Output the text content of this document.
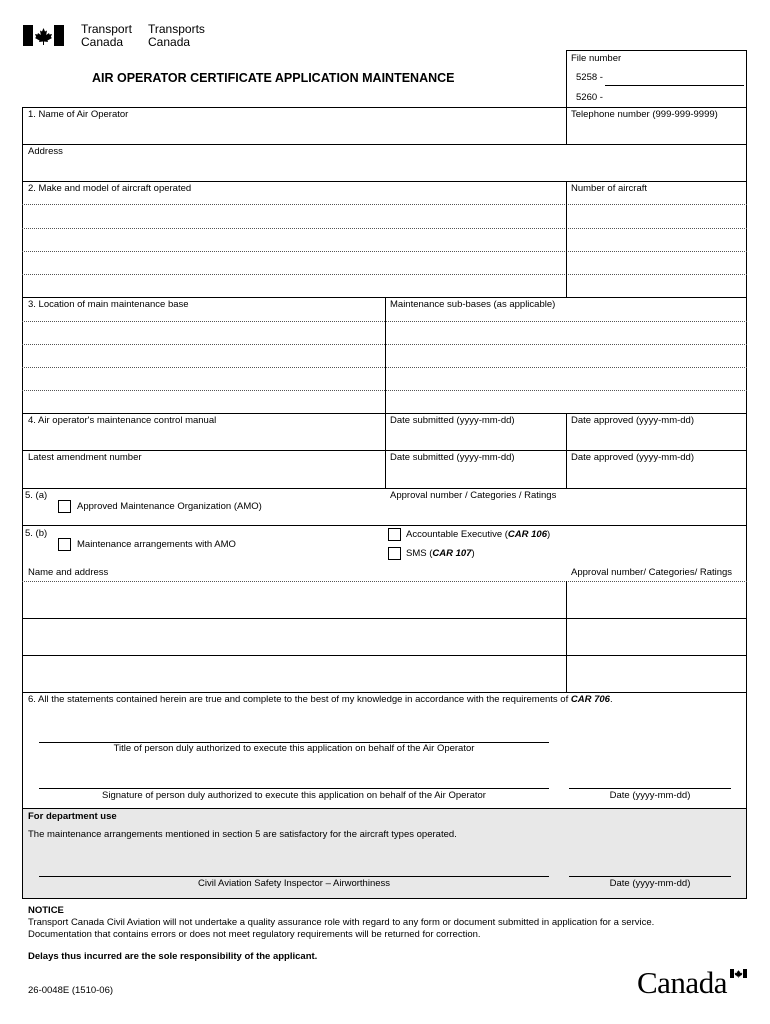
Transport
Canada
Transports
Canada
AIR OPERATOR CERTIFICATE APPLICATION MAINTENANCE
File number
5258 -
5260 -
1. Name of Air Operator	Telephone number (999-999-9999)
Address
2. Make and model of aircraft operated	Number of aircraft
3. Location of main maintenance base	Maintenance sub-bases (as applicable)
4. Air operator's maintenance control manual	Date submitted (yyyy-mm-dd)	Date approved (yyyy-mm-dd)
Latest amendment number	Date submitted (yyyy-mm-dd)	Date approved (yyyy-mm-dd)
5. (a)
Approved Maintenance Organization (AMO)
Approval number / Categories / Ratings
5. (b)
Maintenance arrangements with AMO
Accountable Executive (CAR 106)
SMS (CAR 107)
Name and address	Approval number/ Categories/ Ratings
6. All the statements contained herein are true and complete to the best of my knowledge in accordance with the requirements of CAR 706.
Title of person duly authorized to execute this application on behalf of the Air Operator
Signature of person duly authorized to execute this application on behalf of the Air Operator	Date (yyyy-mm-dd)
For department use
The maintenance arrangements mentioned in section 5 are satisfactory for the aircraft types operated.
Civil Aviation Safety Inspector – Airworthiness	Date (yyyy-mm-dd)
NOTICE
Transport Canada Civil Aviation will not undertake a quality assurance role with regard to any form or document submitted in application for a service.
Documentation that contains errors or does not meet regulatory requirements will be returned for correction.
Delays thus incurred are the sole responsibility of the applicant.
26-0048E (1510-06)	Canada
